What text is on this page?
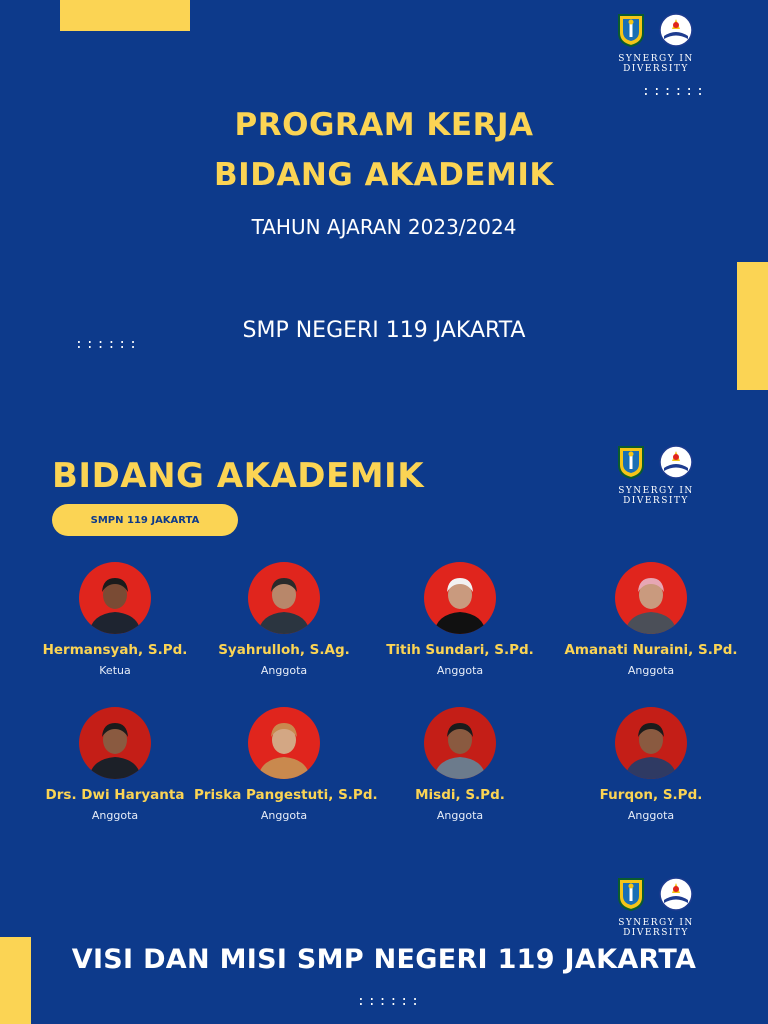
SYNERGY IN DIVERSITY
::::::
PROGRAM KERJA
BIDANG AKADEMIK
TAHUN AJARAN 2023/2024
SMP NEGERI 119 JAKARTA
::::::
SYNERGY IN DIVERSITY
BIDANG AKADEMIK
SMPN 119 JAKARTA
Hermansyah, S.Pd.
Ketua
Syahrulloh, S.Ag.
Anggota
Titih Sundari, S.Pd.
Anggota
Amanati Nuraini, S.Pd.
Anggota
Drs. Dwi Haryanta
Anggota
Priska Pangestuti, S.Pd.
Anggota
Misdi, S.Pd.
Anggota
Furqon, S.Pd.
Anggota
SYNERGY IN DIVERSITY
VISI DAN MISI SMP NEGERI 119 JAKARTA
::::::
